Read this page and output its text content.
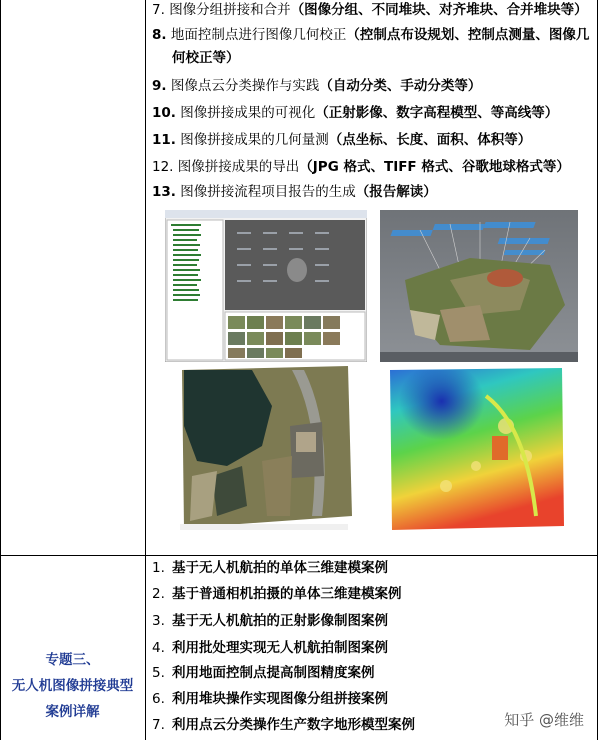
7. 图像分组拼接和合并（图像分组、不同堆块、对齐堆块、合并堆块等）
8. 地面控制点进行图像几何校正（控制点布设规划、控制点测量、图像几
何校正等）
9. 图像点云分类操作与实践（自动分类、手动分类等）
10. 图像拼接成果的可视化（正射影像、数字高程模型、等高线等）
11. 图像拼接成果的几何量测（点坐标、长度、面积、体积等）
12. 图像拼接成果的导出（JPG 格式、TIFF 格式、谷歌地球格式等）
13. 图像拼接流程项目报告的生成（报告解读）
专题三、
无人机图像拼接典型
案例详解
1. 基于无人机航拍的单体三维建模案例
2. 基于普通相机拍摄的单体三维建模案例
3. 基于无人机航拍的正射影像制图案例
4. 利用批处理实现无人机航拍制图案例
5. 利用地面控制点提高制图精度案例
6. 利用堆块操作实现图像分组拼接案例
7. 利用点云分类操作生产数字地形模型案例	知乎 @维维
